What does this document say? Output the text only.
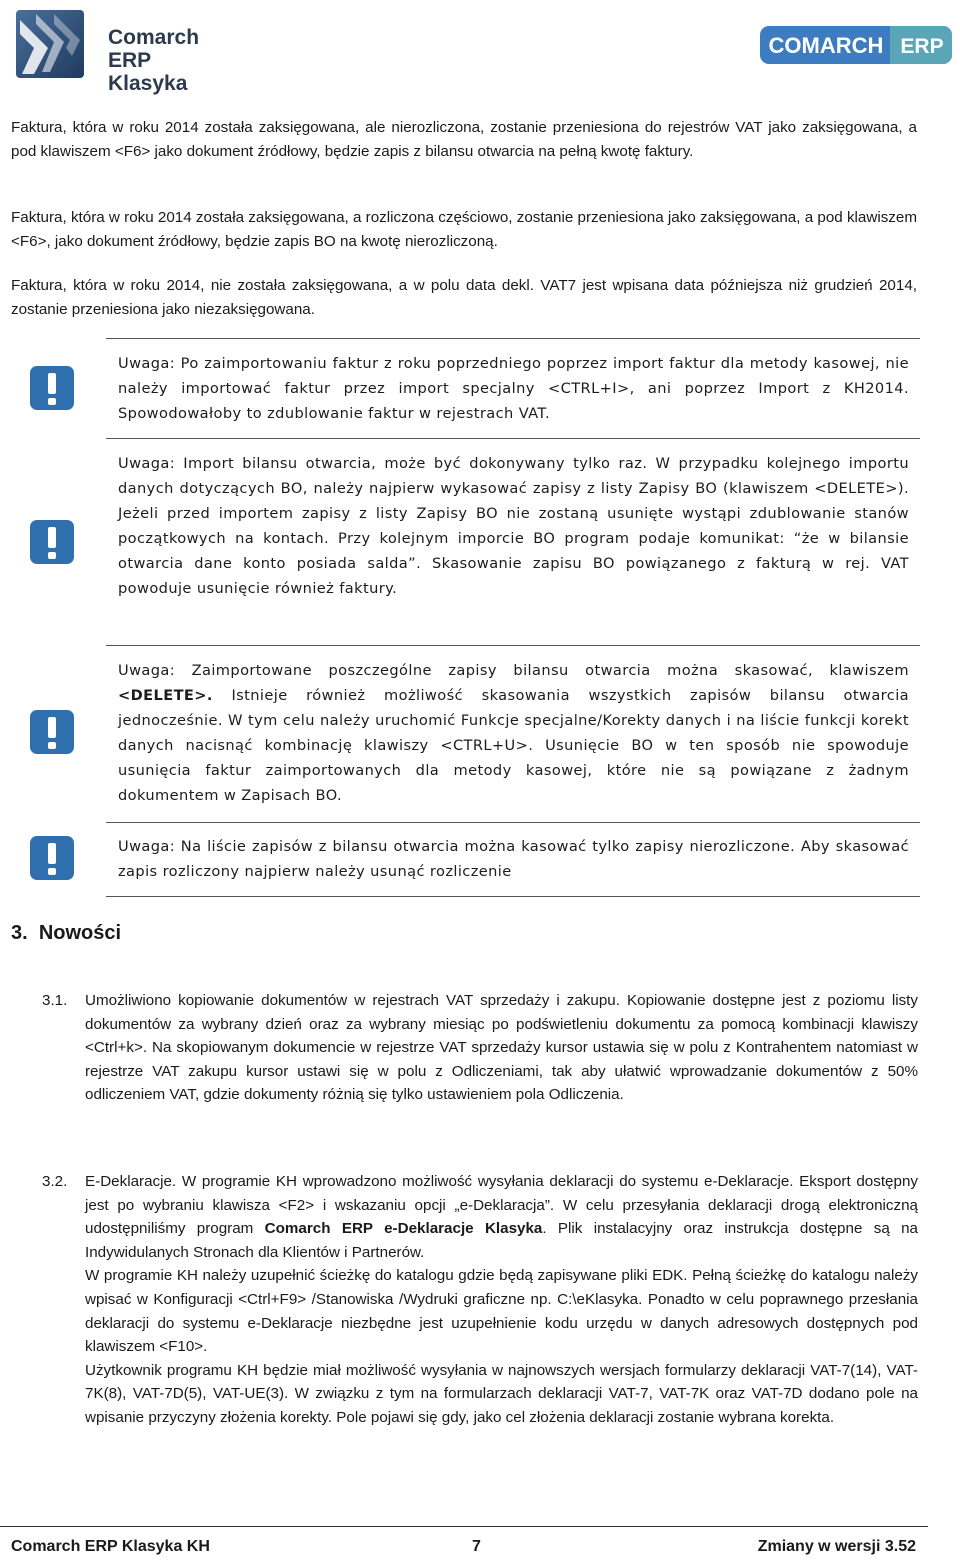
Comarch ERP
Klasyka
COMARCH ERP
Faktura, która w roku 2014 została zaksięgowana, ale nierozliczona, zostanie przeniesiona do rejestrów VAT jako zaksięgowana, a pod klawiszem <F6> jako dokument źródłowy, będzie zapis z bilansu otwarcia na pełną kwotę faktury.
Faktura, która w roku 2014 została zaksięgowana, a rozliczona częściowo, zostanie przeniesiona jako zaksięgowana, a pod klawiszem <F6>, jako dokument źródłowy, będzie zapis BO na kwotę nierozliczoną.
Faktura, która w roku 2014, nie została zaksięgowana, a w polu data dekl. VAT7 jest wpisana data późniejsza niż grudzień 2014, zostanie przeniesiona jako niezaksięgowana.
Uwaga: Po zaimportowaniu faktur z roku poprzedniego poprzez import faktur dla metody kasowej, nie należy importować faktur przez import specjalny <CTRL+I>, ani poprzez Import z KH2014. Spowodowałoby to zdublowanie faktur w rejestrach VAT.
Uwaga: Import bilansu otwarcia, może być dokonywany tylko raz. W przypadku kolejnego importu danych dotyczących BO, należy najpierw wykasować zapisy z listy Zapisy BO (klawiszem <DELETE>). Jeżeli przed importem zapisy z listy Zapisy BO nie zostaną usunięte wystąpi zdublowanie stanów początkowych na kontach. Przy kolejnym imporcie BO program podaje komunikat: “że w bilansie otwarcia dane konto posiada salda”. Skasowanie zapisu BO powiązanego z fakturą w rej. VAT powoduje usunięcie również faktury.
Uwaga: Zaimportowane poszczególne zapisy bilansu otwarcia można skasować, klawiszem <DELETE>. Istnieje również możliwość skasowania wszystkich zapisów bilansu otwarcia jednocześnie. W tym celu należy uruchomić Funkcje specjalne/Korekty danych i na liście funkcji korekt danych nacisnąć kombinację klawiszy <CTRL+U>. Usunięcie BO w ten sposób nie spowoduje usunięcia faktur zaimportowanych dla metody kasowej, które nie są powiązane z żadnym dokumentem w Zapisach BO.
Uwaga: Na liście zapisów z bilansu otwarcia można kasować tylko zapisy nierozliczone. Aby skasować zapis rozliczony najpierw należy usunąć rozliczenie
3. Nowości
3.1. Umożliwiono kopiowanie dokumentów w rejestrach VAT sprzedaży i zakupu. Kopiowanie dostępne jest z poziomu listy dokumentów za wybrany dzień oraz za wybrany miesiąc po podświetleniu dokumentu za pomocą kombinacji klawiszy <Ctrl+k>. Na skopiowanym dokumencie w rejestrze VAT sprzedaży kursor ustawia się w polu z Kontrahentem natomiast w rejestrze VAT zakupu kursor ustawi się w polu z Odliczeniami, tak aby ułatwić wprowadzanie dokumentów z 50% odliczeniem VAT, gdzie dokumenty różnią się tylko ustawieniem pola Odliczenia.

3.2. E-Deklaracje. W programie KH wprowadzono możliwość wysyłania deklaracji do systemu e-Deklaracje. Eksport dostępny jest po wybraniu klawisza <F2> i wskazaniu opcji „e-Deklaracja”. W celu przesyłania deklaracji drogą elektroniczną udostępniliśmy program Comarch ERP e-Deklaracje Klasyka. Plik instalacyjny oraz instrukcja dostępne są na Indywidulanych Stronach dla Klientów i Partnerów.

W programie KH należy uzupełnić ścieżkę do katalogu gdzie będą zapisywane pliki EDK. Pełną ścieżkę do katalogu należy wpisać w Konfiguracji <Ctrl+F9> /Stanowiska /Wydruki graficzne np. C:\eKlasyka. Ponadto w celu poprawnego przesłania deklaracji do systemu e-Deklaracje niezbędne jest uzupełnienie kodu urzędu w danych adresowych dostępnych pod klawiszem <F10>.

Użytkownik programu KH będzie miał możliwość wysyłania w najnowszych wersjach formularzy deklaracji VAT-7(14), VAT-7K(8), VAT-7D(5), VAT-UE(3). W związku z tym na formularzach deklaracji VAT-7, VAT-7K oraz VAT-7D dodano pole na wpisanie przyczyny złożenia korekty. Pole pojawi się gdy, jako cel złożenia deklaracji zostanie wybrana korekta.

Comarch ERP Klasyka KH	7	Zmiany w wersji 3.52
